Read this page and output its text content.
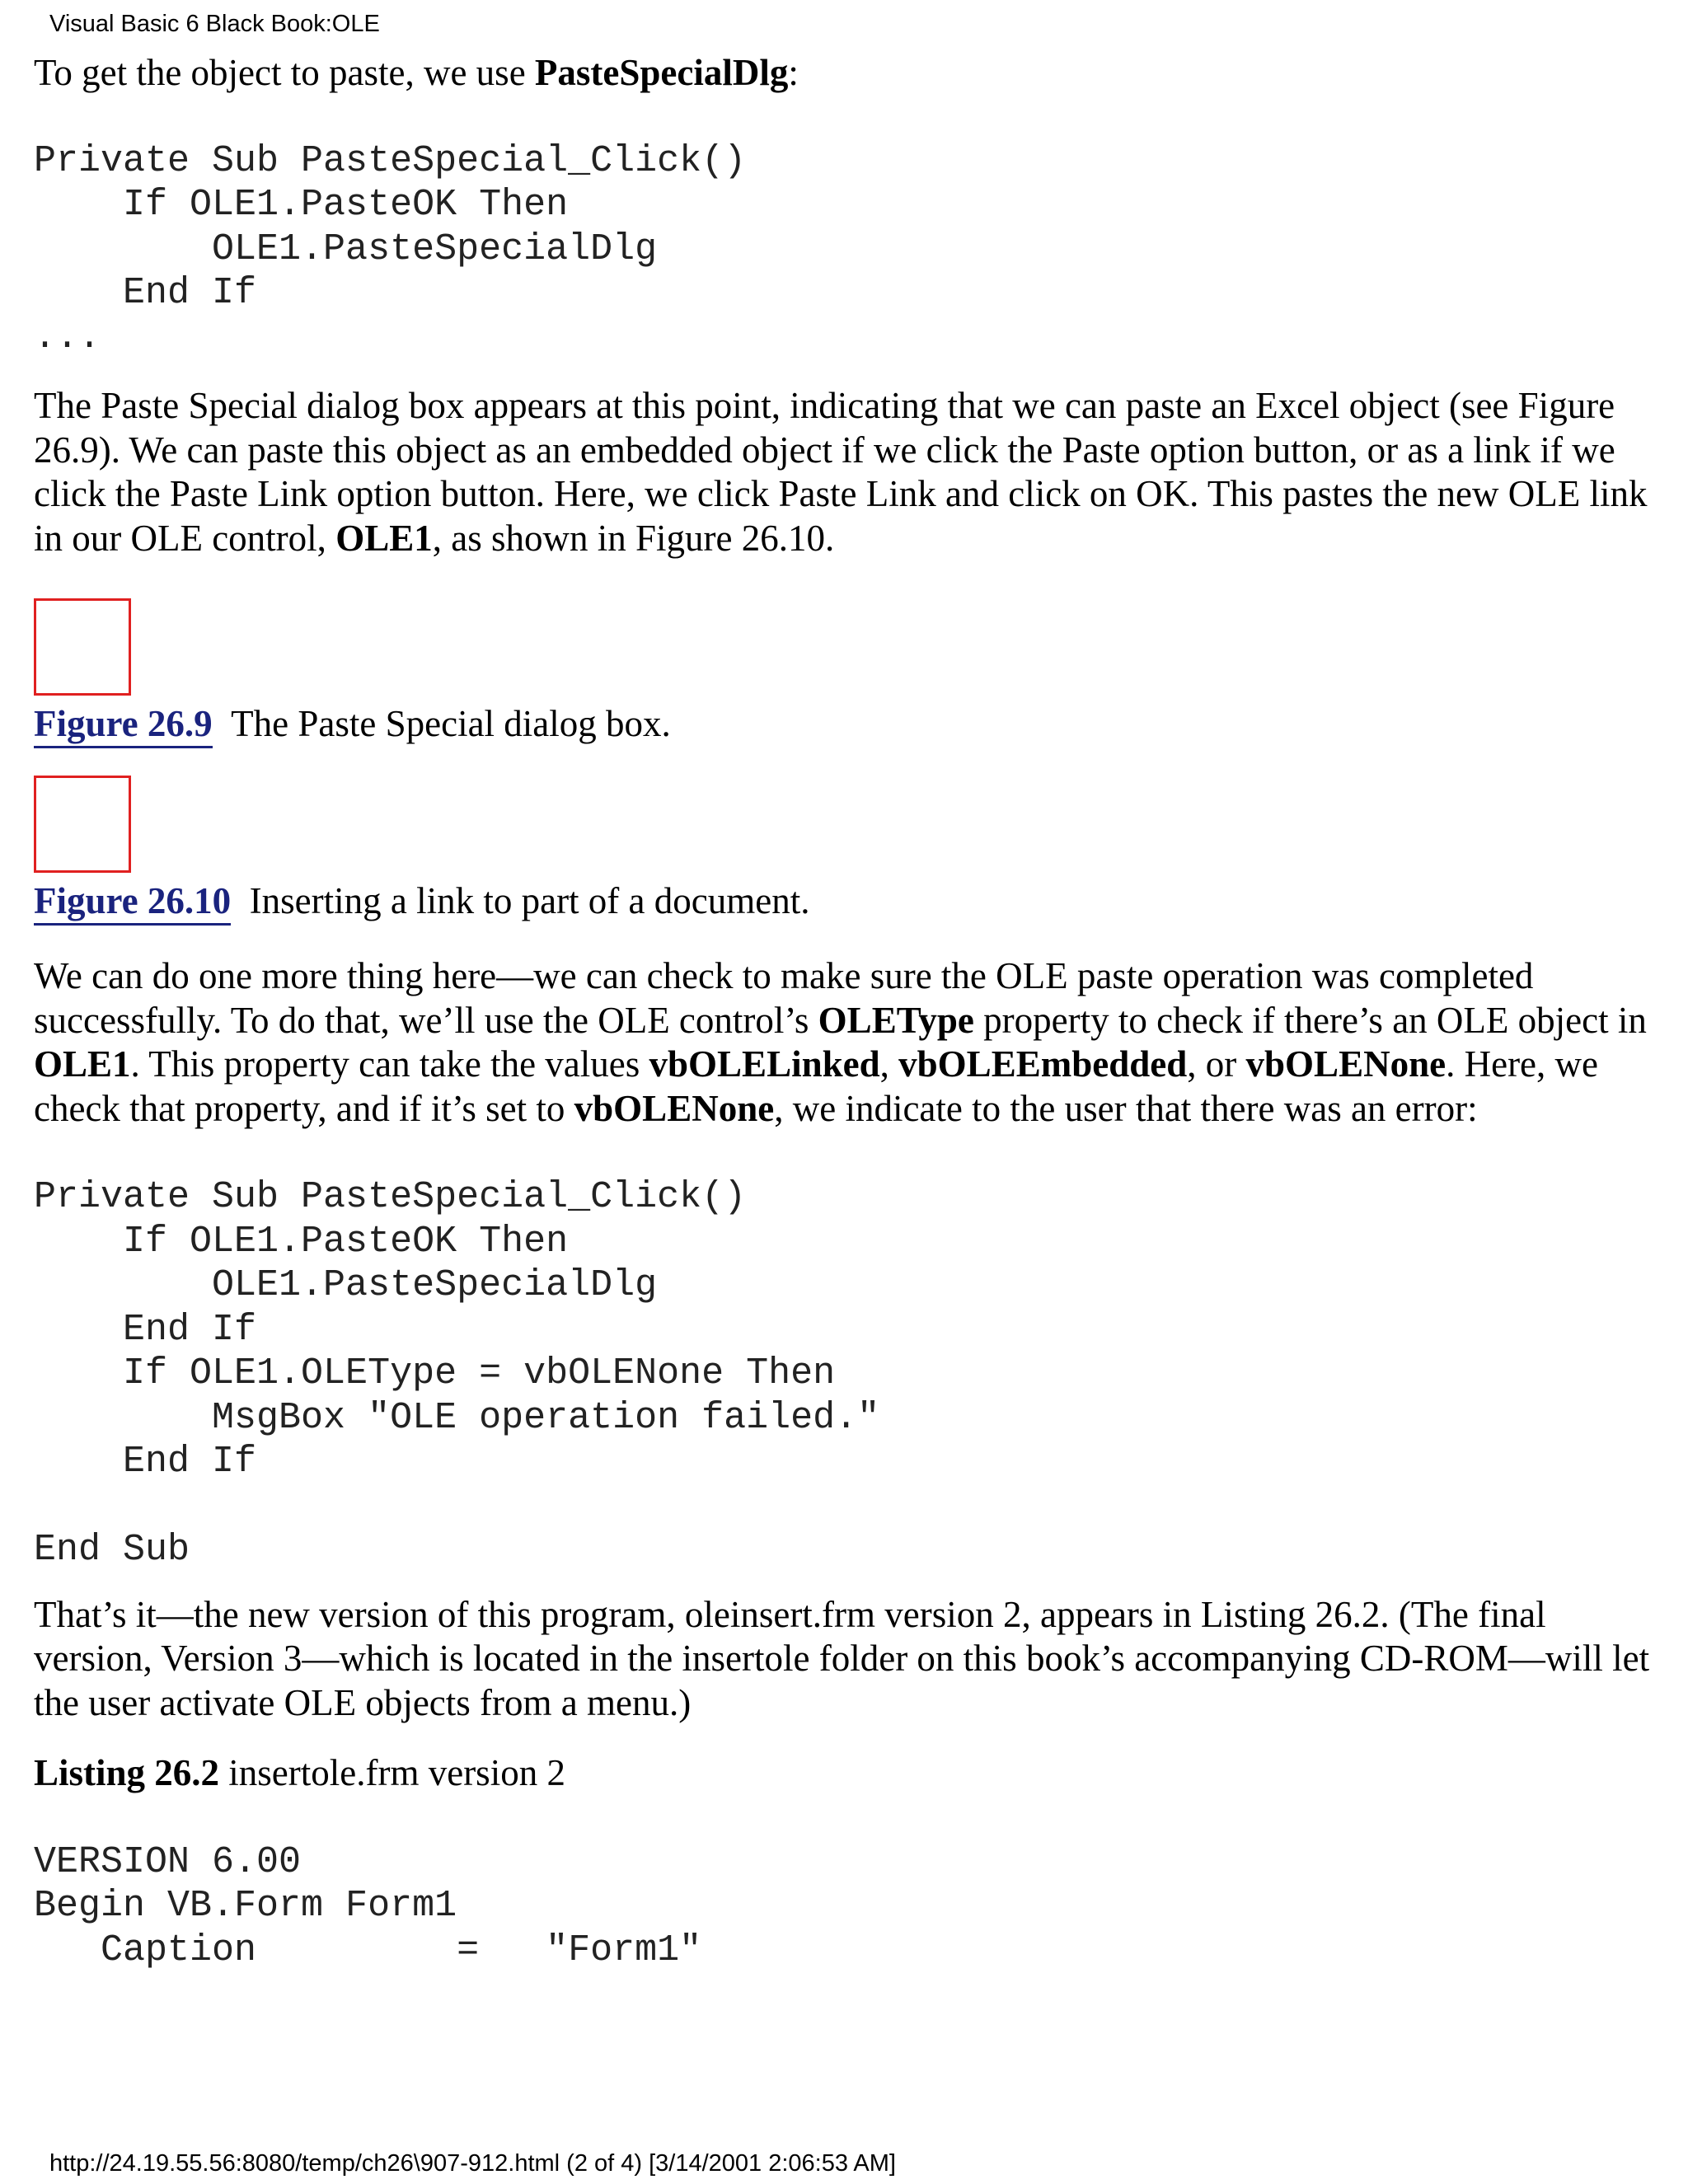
Visual Basic 6 Black Book:OLE

To get the object to paste, we use PasteSpecialDlg:

Private Sub PasteSpecial_Click()
If OLE1.PasteOK Then
OLE1.PasteSpecialDlg
End If
...

The Paste Special dialog box appears at this point, indicating that we can paste an Excel object (see Figure 26.9). We can paste this object as an embedded object if we click the Paste option button, or as a link if we click the Paste Link option button. Here, we click Paste Link and click on OK. This pastes the new OLE link in our OLE control, OLE1, as shown in Figure 26.10.

Figure 26.9 The Paste Special dialog box.

Figure 26.10 Inserting a link to part of a document.

We can do one more thing here—we can check to make sure the OLE paste operation was completed successfully. To do that, we’ll use the OLE control’s OLEType property to check if there’s an OLE object in OLE1. This property can take the values vbOLELinked, vbOLEEmbedded, or vbOLENone. Here, we check that property, and if it’s set to vbOLENone, we indicate to the user that there was an error:

Private Sub PasteSpecial_Click()
If OLE1.PasteOK Then
OLE1.PasteSpecialDlg
End If
If OLE1.OLEType = vbOLENone Then
MsgBox "OLE operation failed."
End If

End Sub

That’s it—the new version of this program, oleinsert.frm version 2, appears in Listing 26.2. (The final version, Version 3—which is located in the insertole folder on this book’s accompanying CD-ROM—will let the user activate OLE objects from a menu.)

Listing 26.2 insertole.frm version 2

VERSION 6.00
Begin VB.Form Form1
Caption         =   "Form1"
http://24.19.55.56:8080/temp/ch26\907-912.html (2 of 4) [3/14/2001 2:06:53 AM]
